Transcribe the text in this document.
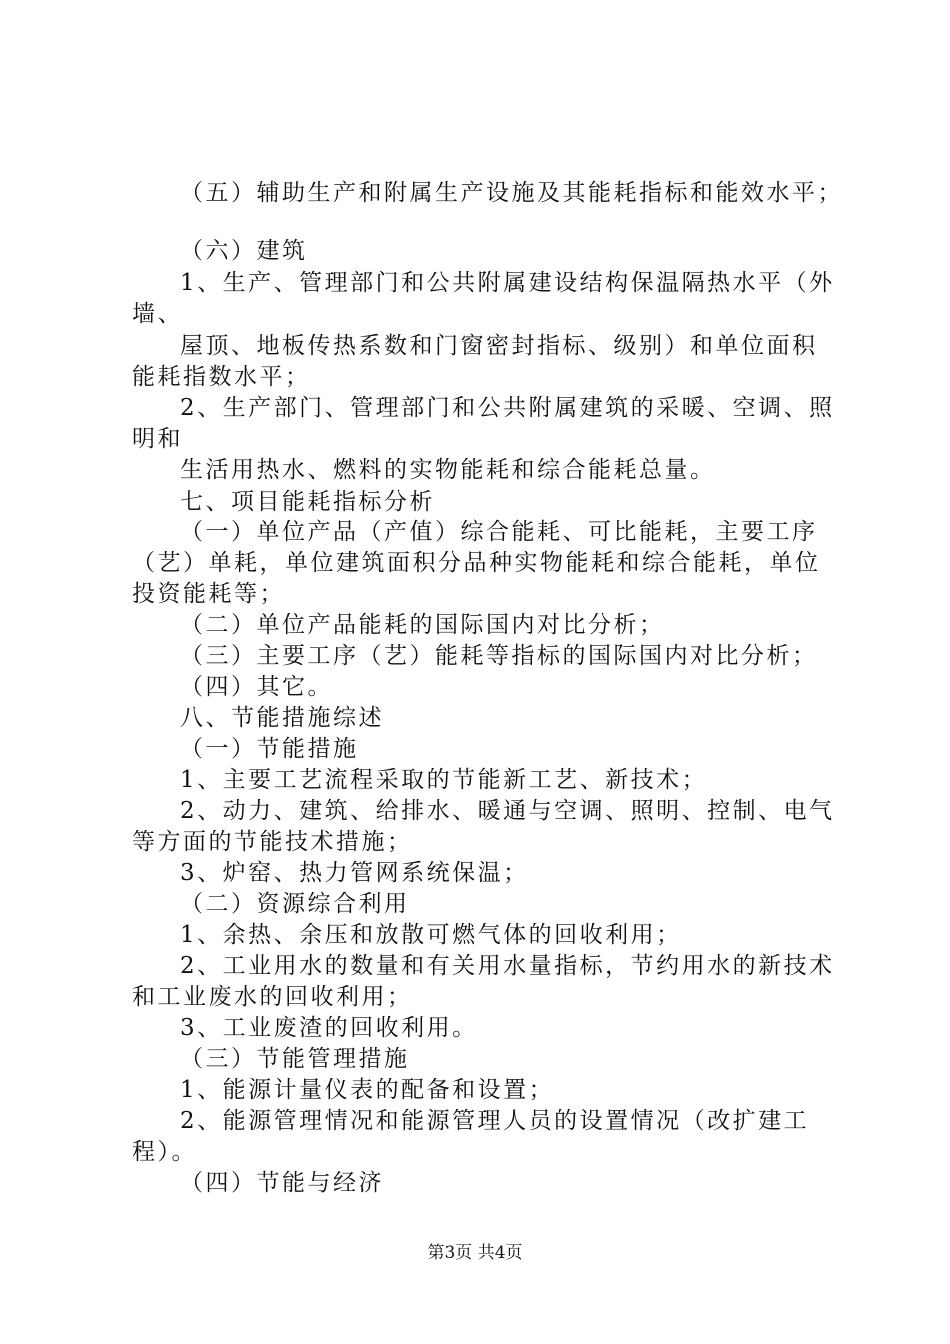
（五）辅助生产和附属生产设施及其能耗指标和能效水平；
（六）建筑
1、生产、管理部门和公共附属建设结构保温隔热水平（外
墙、
屋顶、地板传热系数和门窗密封指标、级别）和单位面积
能耗指数水平；
2、生产部门、管理部门和公共附属建筑的采暖、空调、照
明和
生活用热水、燃料的实物能耗和综合能耗总量。
七、项目能耗指标分析
（一）单位产品（产值）综合能耗、可比能耗，主要工序
（艺）单耗，单位建筑面积分品种实物能耗和综合能耗，单位
投资能耗等；
（二）单位产品能耗的国际国内对比分析；
（三）主要工序（艺）能耗等指标的国际国内对比分析；
（四）其它。
八、节能措施综述
（一）节能措施
1、主要工艺流程采取的节能新工艺、新技术；
2、动力、建筑、给排水、暖通与空调、照明、控制、电气
等方面的节能技术措施；
3、炉窑、热力管网系统保温；
（二）资源综合利用
1、余热、余压和放散可燃气体的回收利用；
2、工业用水的数量和有关用水量指标，节约用水的新技术
和工业废水的回收利用；
3、工业废渣的回收利用。
（三）节能管理措施
1、能源计量仪表的配备和设置；
2、能源管理情况和能源管理人员的设置情况（改扩建工
程）。
（四）节能与经济
第3页 共4页
